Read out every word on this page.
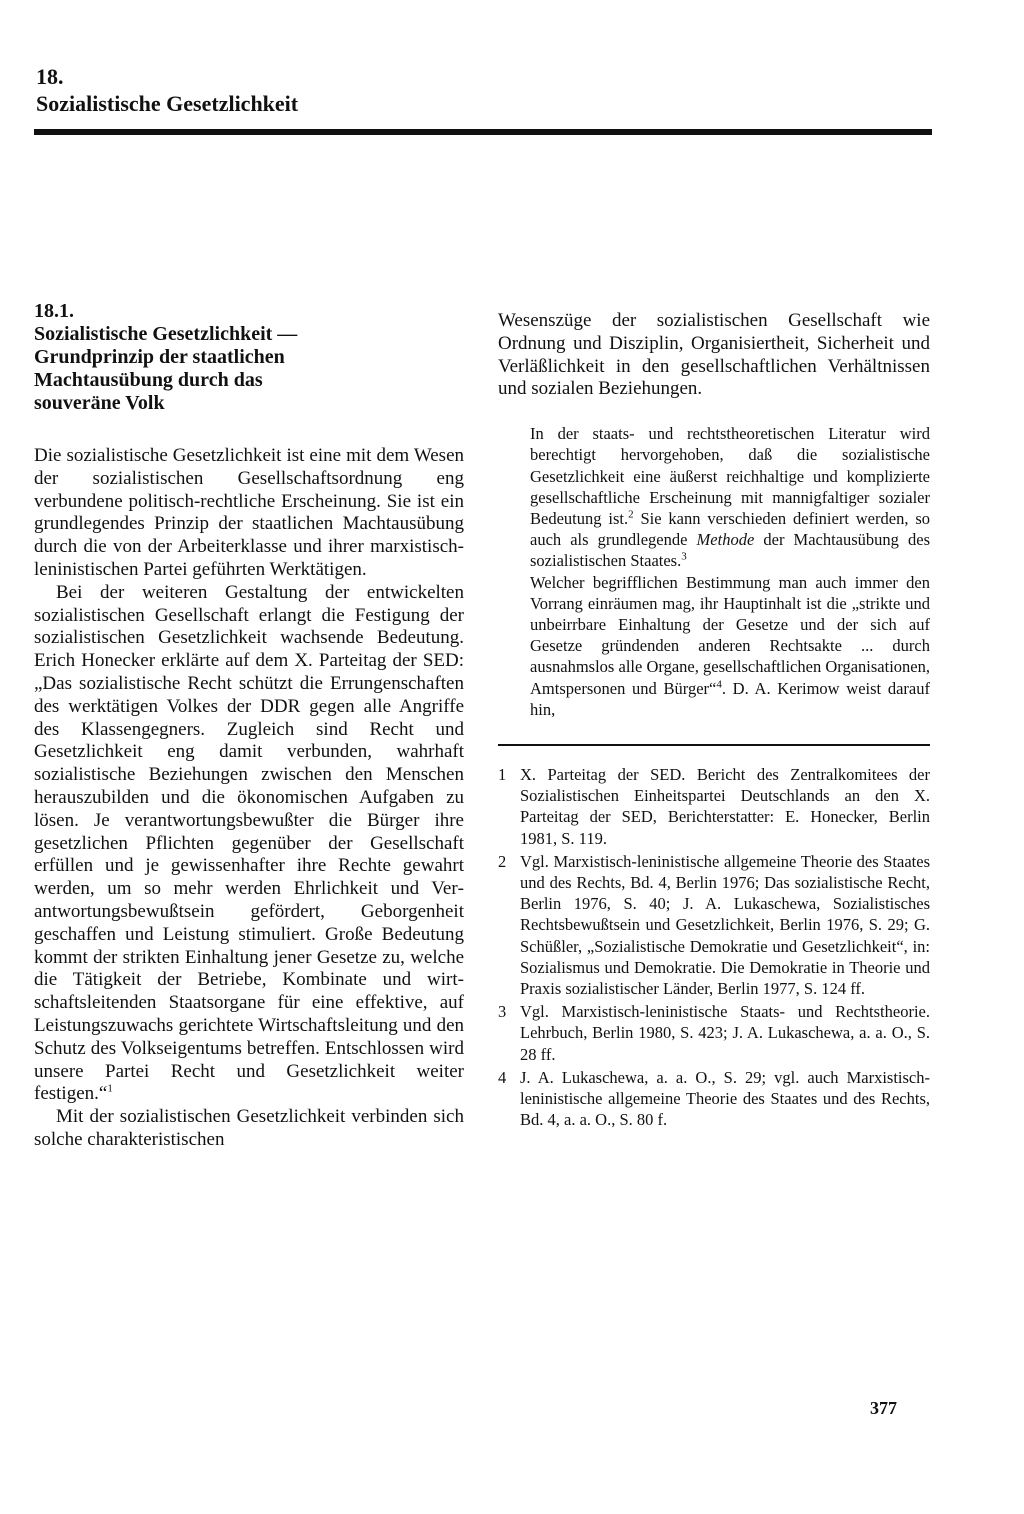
18.
Sozialistische Gesetzlichkeit
18.1.
Sozialistische Gesetzlichkeit —
Grundprinzip der staatlichen
Machtausübung durch das
souveräne Volk

Die sozialistische Gesetzlichkeit ist eine mit dem Wesen der sozialistischen Gesellschaftsordnung eng verbundene politisch-rechtliche Erscheinung. Sie ist ein grundlegendes Prinzip der staatlichen Machtausübung durch die von der Arbeiterklasse und ihrer marxistisch-leninistischen Partei geführten Werktätigen.

Bei der weiteren Gestaltung der entwickelten sozialistischen Gesellschaft erlangt die Festigung der sozialistischen Gesetzlichkeit wachsende Bedeutung. Erich Honecker erklärte auf dem X. Parteitag der SED: „Das sozialistische Recht schützt die Errungenschaften des werktätigen Volkes der DDR gegen alle Angriffe des Klassengegners. Zugleich sind Recht und Gesetzlichkeit eng damit verbunden, wahrhaft sozialistische Beziehungen zwischen den Menschen herauszubilden und die ökonomischen Aufgaben zu lösen. Je verantwortungsbewußter die Bürger ihre gesetzlichen Pflichten gegenüber der Gesellschaft erfüllen und je gewissenhafter ihre Rechte gewahrt werden, um so mehr werden Ehrlichkeit und Verantwortungsbewußtsein gefördert, Geborgenheit geschaffen und Leistung stimuliert. Große Bedeutung kommt der strikten Einhaltung jener Gesetze zu, welche die Tätigkeit der Betriebe, Kombinate und wirtschaftsleitenden Staatsorgane für eine effektive, auf Leistungszuwachs gerichtete Wirtschaftsleitung und den Schutz des Volkseigentums betreffen. Entschlossen wird unsere Partei Recht und Gesetzlichkeit weiter festigen.“$^1$

Mit der sozialistischen Gesetzlichkeit verbinden sich solche charakteristischen

Wesenszüge der sozialistischen Gesellschaft wie Ordnung und Disziplin, Organisiertheit, Sicherheit und Verläßlichkeit in den gesellschaftlichen Verhältnissen und sozialen Beziehungen.

In der staats- und rechtstheoretischen Literatur wird berechtigt hervorgehoben, daß die sozialistische Gesetzlichkeit eine äußerst reichhaltige und komplizierte gesellschaftliche Erscheinung mit mannigfaltiger sozialer Bedeutung ist.$^2$ Sie kann verschieden definiert werden, so auch als grundlegende Methode der Machtausübung des sozialistischen Staates.$^3$

Welcher begrifflichen Bestimmung man auch immer den Vorrang einräumen mag, ihr Hauptinhalt ist die „strikte und unbeirrbare Einhaltung der Gesetze und der sich auf Gesetze gründenden anderen Rechtsakte ... durch ausnahmslos alle Organe, gesellschaftlichen Organisationen, Amtspersonen und Bürger“$^4$. D. A. Kerimow weist darauf hin,

1 X. Parteitag der SED. Bericht des Zentralkomitees der Sozialistischen Einheitspartei Deutschlands an den X. Parteitag der SED, Berichterstatter: E. Honecker, Berlin 1981, S. 119.
2 Vgl. Marxistisch-leninistische allgemeine Theorie des Staates und des Rechts, Bd. 4, Berlin 1976; Das sozialistische Recht, Berlin 1976, S. 40; J. A. Lukaschewa, Sozialistisches Rechtsbewußtsein und Gesetzlichkeit, Berlin 1976, S. 29; G. Schüßler, „Sozialistische Demokratie und Gesetzlichkeit“, in: Sozialismus und Demokratie. Die Demokratie in Theorie und Praxis sozialistischer Länder, Berlin 1977, S. 124 ff.
3 Vgl. Marxistisch-leninistische Staats- und Rechtstheorie. Lehrbuch, Berlin 1980, S. 423; J. A. Lukaschewa, a. a. O., S. 28 ff.
4 J. A. Lukaschewa, a. a. O., S. 29; vgl. auch Marxistisch-leninistische allgemeine Theorie des Staates und des Rechts, Bd. 4, a. a. O., S. 80 f.
377
